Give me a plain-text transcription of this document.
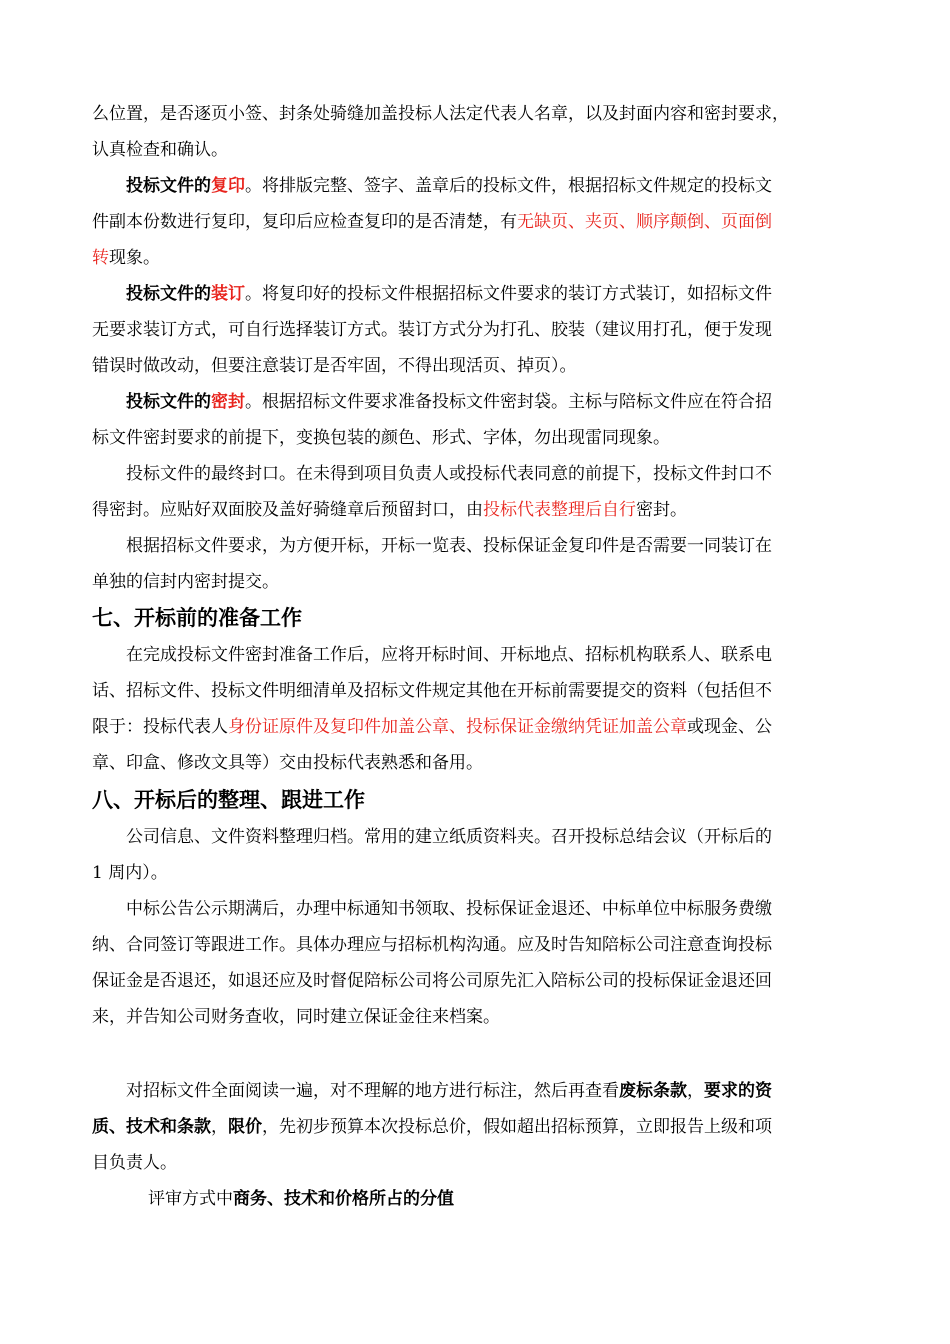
么位置，是否逐页小签、封条处骑缝加盖投标人法定代表人名章，以及封面内容和密封要求，
认真检查和确认。
投标文件的复印。将排版完整、签字、盖章后的投标文件，根据招标文件规定的投标文
件副本份数进行复印，复印后应检查复印的是否清楚，有无缺页、夹页、顺序颠倒、页面倒
转现象。
投标文件的装订。将复印好的投标文件根据招标文件要求的装订方式装订，如招标文件
无要求装订方式，可自行选择装订方式。装订方式分为打孔、胶装（建议用打孔，便于发现
错误时做改动，但要注意装订是否牢固，不得出现活页、掉页）。
投标文件的密封。根据招标文件要求准备投标文件密封袋。主标与陪标文件应在符合招
标文件密封要求的前提下，变换包装的颜色、形式、字体，勿出现雷同现象。
投标文件的最终封口。在未得到项目负责人或投标代表同意的前提下，投标文件封口不
得密封。应贴好双面胶及盖好骑缝章后预留封口，由投标代表整理后自行密封。
根据招标文件要求，为方便开标，开标一览表、投标保证金复印件是否需要一同装订在
单独的信封内密封提交。
七、开标前的准备工作
在完成投标文件密封准备工作后，应将开标时间、开标地点、招标机构联系人、联系电
话、招标文件、投标文件明细清单及招标文件规定其他在开标前需要提交的资料（包括但不
限于：投标代表人身份证原件及复印件加盖公章、投标保证金缴纳凭证加盖公章或现金、公
章、印盒、修改文具等）交由投标代表熟悉和备用。
八、开标后的整理、跟进工作
公司信息、文件资料整理归档。常用的建立纸质资料夹。召开投标总结会议（开标后的
1 周内）。
中标公告公示期满后，办理中标通知书领取、投标保证金退还、中标单位中标服务费缴
纳、合同签订等跟进工作。具体办理应与招标机构沟通。应及时告知陪标公司注意查询投标
保证金是否退还，如退还应及时督促陪标公司将公司原先汇入陪标公司的投标保证金退还回
来，并告知公司财务查收，同时建立保证金往来档案。
对招标文件全面阅读一遍，对不理解的地方进行标注，然后再查看废标条款，要求的资
质、技术和条款，限价，先初步预算本次投标总价，假如超出招标预算，立即报告上级和项
目负责人。
评审方式中商务、技术和价格所占的分值
